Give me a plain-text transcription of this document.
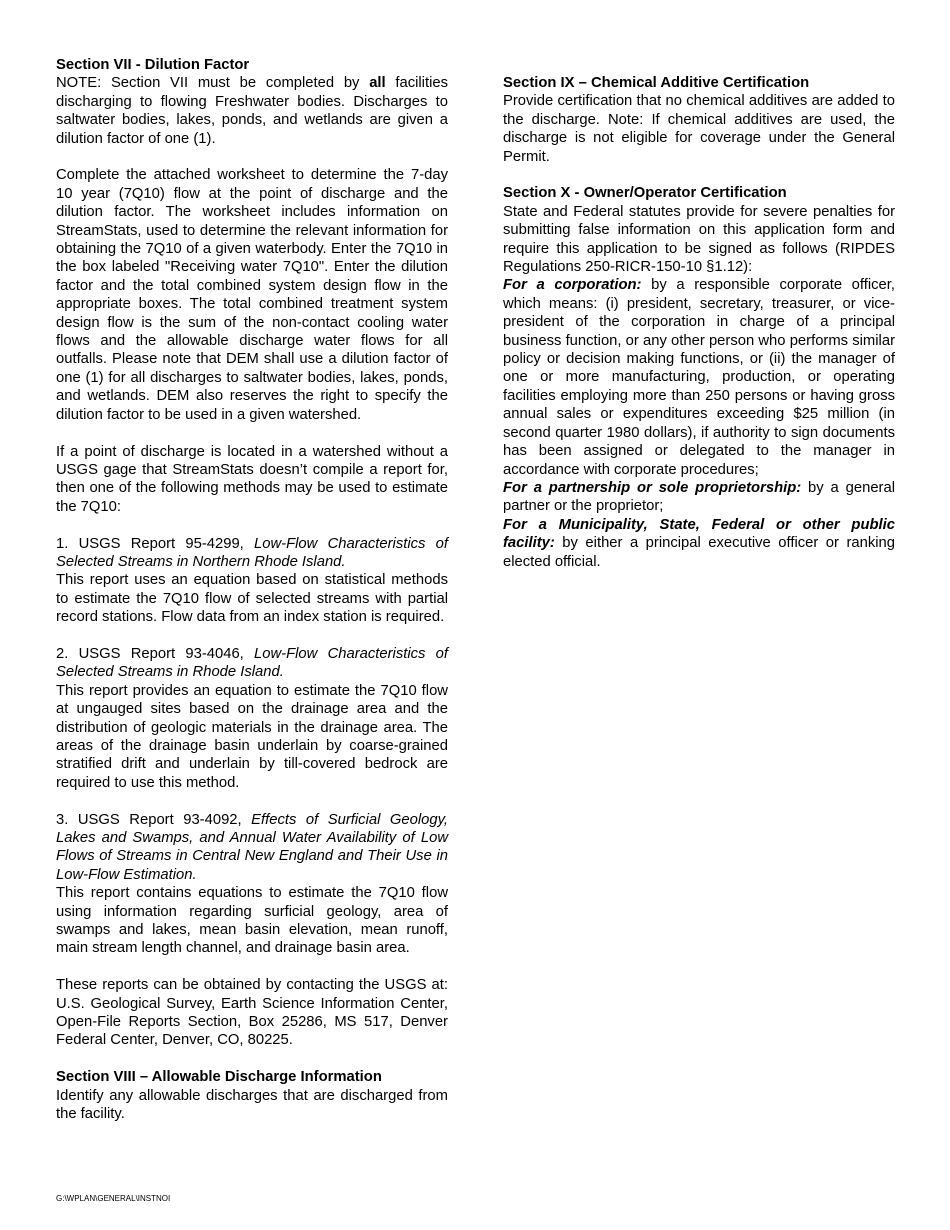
Section VII - Dilution Factor

NOTE: Section VII must be completed by all facilities discharging to flowing Freshwater bodies. Discharges to saltwater bodies, lakes, ponds, and wetlands are given a dilution factor of one (1).

Complete the attached worksheet to determine the 7-day 10 year (7Q10) flow at the point of discharge and the dilution factor. The worksheet includes information on StreamStats, used to determine the relevant information for obtaining the 7Q10 of a given waterbody. Enter the 7Q10 in the box labeled "Receiving water 7Q10". Enter the dilution factor and the total combined system design flow in the appropriate boxes. The total combined treatment system design flow is the sum of the non-contact cooling water flows and the allowable discharge water flows for all outfalls. Please note that DEM shall use a dilution factor of one (1) for all discharges to saltwater bodies, lakes, ponds, and wetlands. DEM also reserves the right to specify the dilution factor to be used in a given watershed.

If a point of discharge is located in a watershed without a USGS gage that StreamStats doesn’t compile a report for, then one of the following methods may be used to estimate the 7Q10:

1. USGS Report 95-4299, Low-Flow Characteristics of Selected Streams in Northern Rhode Island.

This report uses an equation based on statistical methods to estimate the 7Q10 flow of selected streams with partial record stations. Flow data from an index station is required.

2. USGS Report 93-4046, Low-Flow Characteristics of Selected Streams in Rhode Island.

This report provides an equation to estimate the 7Q10 flow at ungauged sites based on the drainage area and the distribution of geologic materials in the drainage area. The areas of the drainage basin underlain by coarse-grained stratified drift and underlain by till-covered bedrock are required to use this method.

3. USGS Report 93-4092, Effects of Surficial Geology, Lakes and Swamps, and Annual Water Availability of Low Flows of Streams in Central New England and Their Use in Low-Flow Estimation.

This report contains equations to estimate the 7Q10 flow using information regarding surficial geology, area of swamps and lakes, mean basin elevation, mean runoff, main stream length channel, and drainage basin area.

These reports can be obtained by contacting the USGS at: U.S. Geological Survey, Earth Science Information Center, Open-File Reports Section, Box 25286, MS 517, Denver Federal Center, Denver, CO, 80225.

Section VIII – Allowable Discharge Information

Identify any allowable discharges that are discharged from the facility.

Section IX – Chemical Additive Certification

Provide certification that no chemical additives are added to the discharge. Note: If chemical additives are used, the discharge is not eligible for coverage under the General Permit.

Section X - Owner/Operator Certification

State and Federal statutes provide for severe penalties for submitting false information on this application form and require this application to be signed as follows (RIPDES Regulations 250-RICR-150-10 §1.12):

For a corporation: by a responsible corporate officer, which means: (i) president, secretary, treasurer, or vice-president of the corporation in charge of a principal business function, or any other person who performs similar policy or decision making functions, or (ii) the manager of one or more manufacturing, production, or operating facilities employing more than 250 persons or having gross annual sales or expenditures exceeding $25 million (in second quarter 1980 dollars), if authority to sign documents has been assigned or delegated to the manager in accordance with corporate procedures;

For a partnership or sole proprietorship: by a general partner or the proprietor;

For a Municipality, State, Federal or other public facility: by either a principal executive officer or ranking elected official.

G:\WPLAN\GENERAL\INSTNOI
